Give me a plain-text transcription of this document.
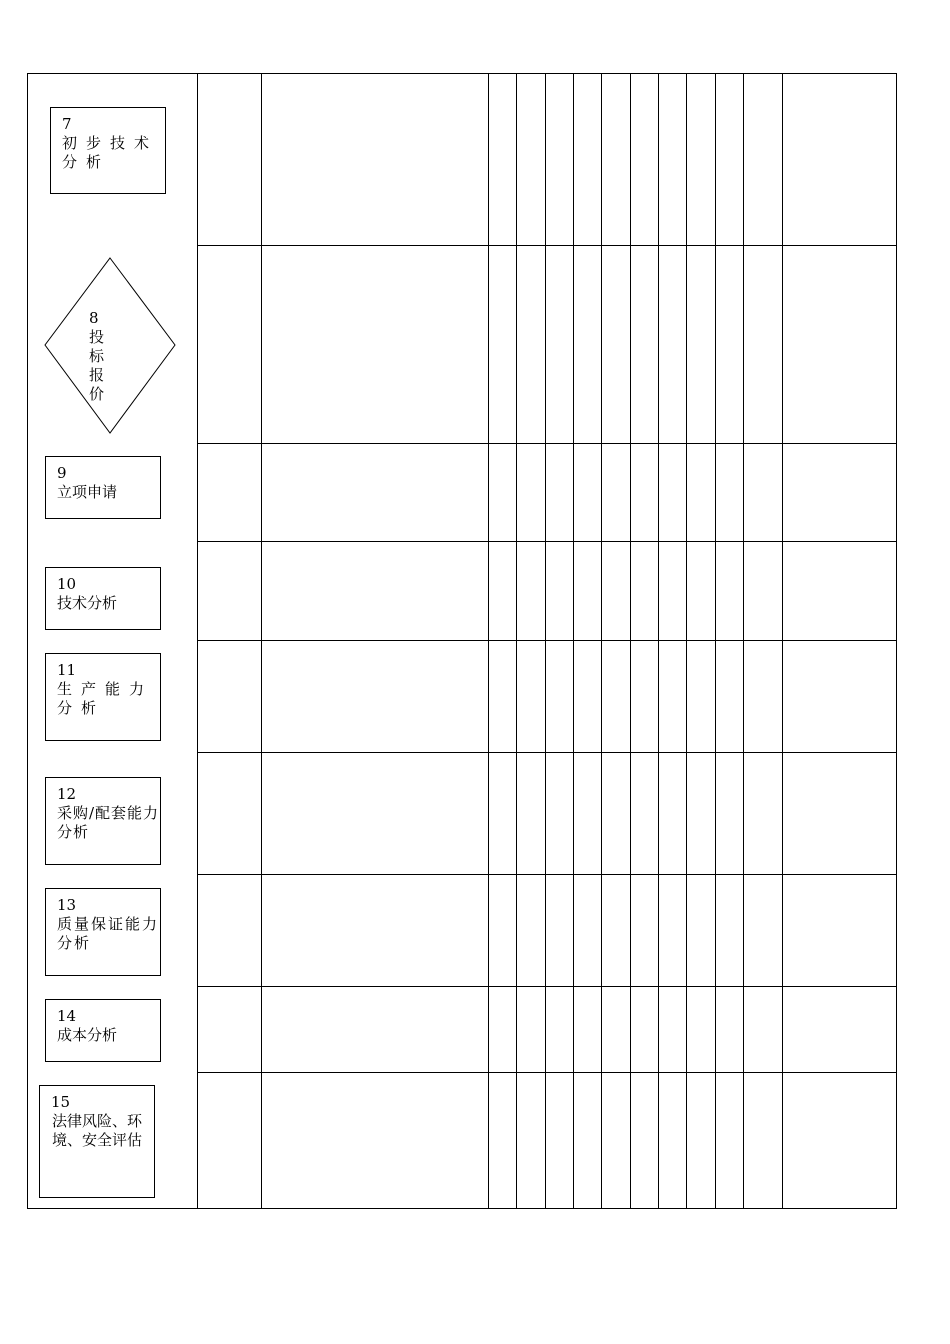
7
初步技术分析
8
投标报价
9
立项申请
10
技术分析
11
生产能力分析
12
采购/配套能力分析
13
质量保证能力分析
14
成本分析
15
法律风险、环境、安全评估
